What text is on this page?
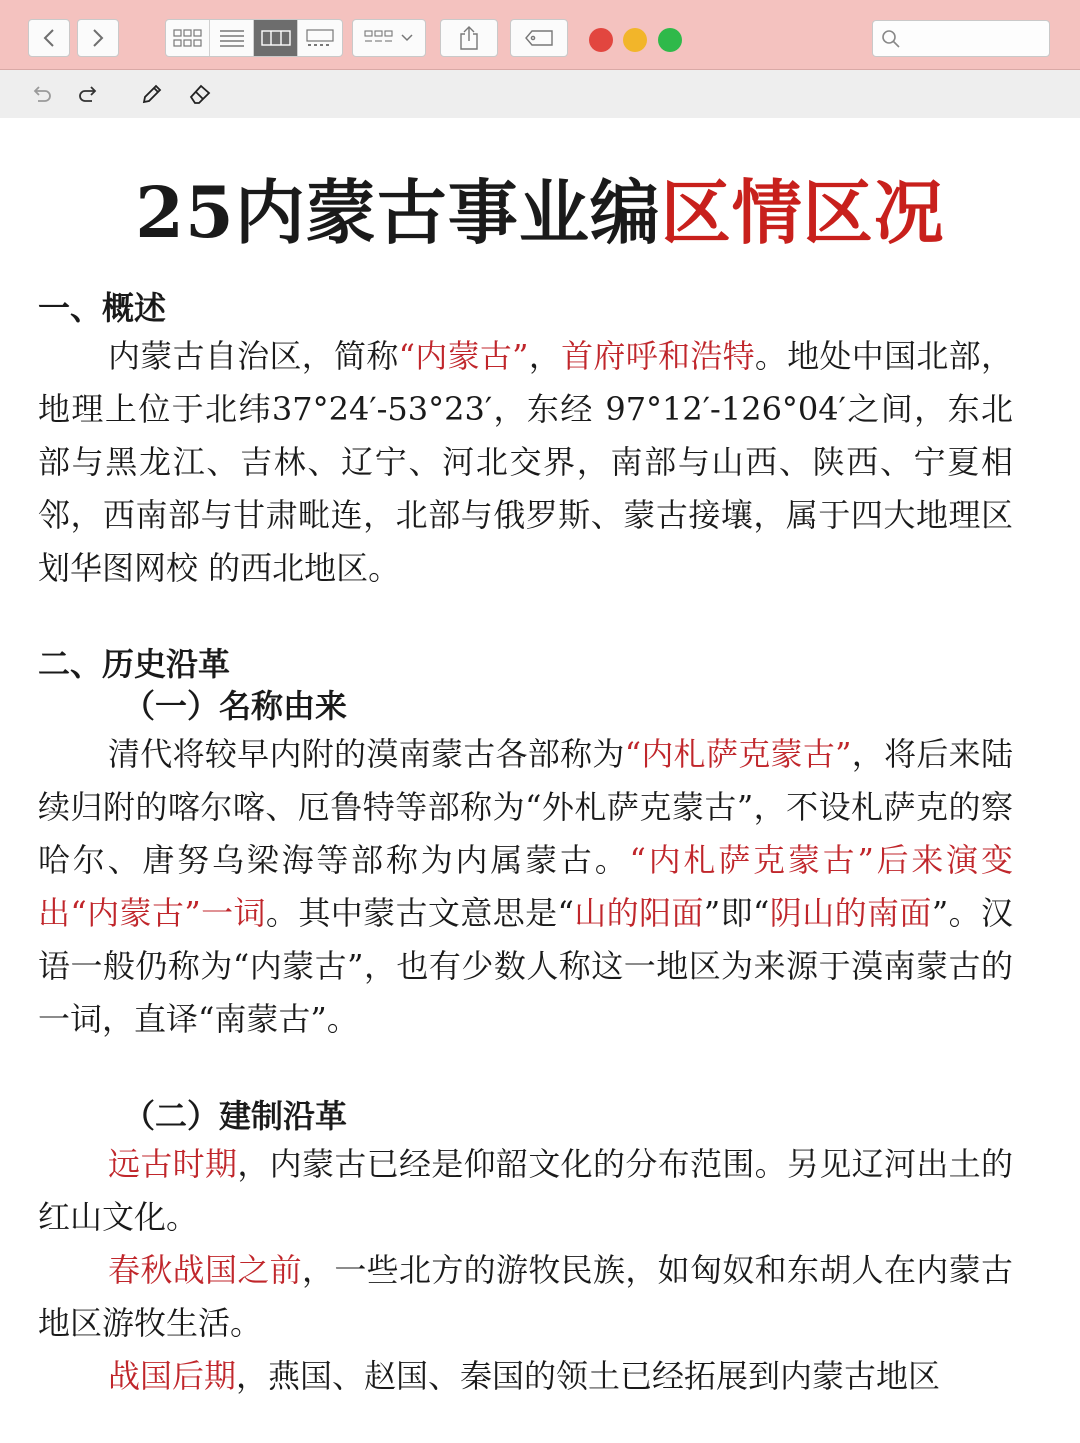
25内蒙古事业编区情区况
一、概述

内蒙古自治区，简称“内蒙古”，首府呼和浩特。地处中国北部，地理上位于北纬37°24′-53°23′，东经 97°12′-126°04′之间，东北部与黑龙江、吉林、辽宁、河北交界，南部与山西、陕西、宁夏相邻，西南部与甘肃毗连，北部与俄罗斯、蒙古接壤，属于四大地理区划华图网校 的西北地区。

二、历史沿革
（一）名称由来

清代将较早内附的漠南蒙古各部称为“内札萨克蒙古”，将后来陆续归附的喀尔喀、厄鲁特等部称为“外札萨克蒙古”，不设札萨克的察哈尔、唐努乌梁海等部称为内属蒙古。“内札萨克蒙古”后来演变出“内蒙古”一词。其中蒙古文意思是“山的阳面”即“阴山的南面”。汉语一般仍称为“内蒙古”，也有少数人称这一地区为来源于漠南蒙古的一词，直译“南蒙古”。

（二）建制沿革

远古时期，内蒙古已经是仰韶文化的分布范围。另见辽河出土的红山文化。

春秋战国之前，一些北方的游牧民族，如匈奴和东胡人在内蒙古地区游牧生活。

战国后期，燕国、赵国、秦国的领土已经拓展到内蒙古地区
